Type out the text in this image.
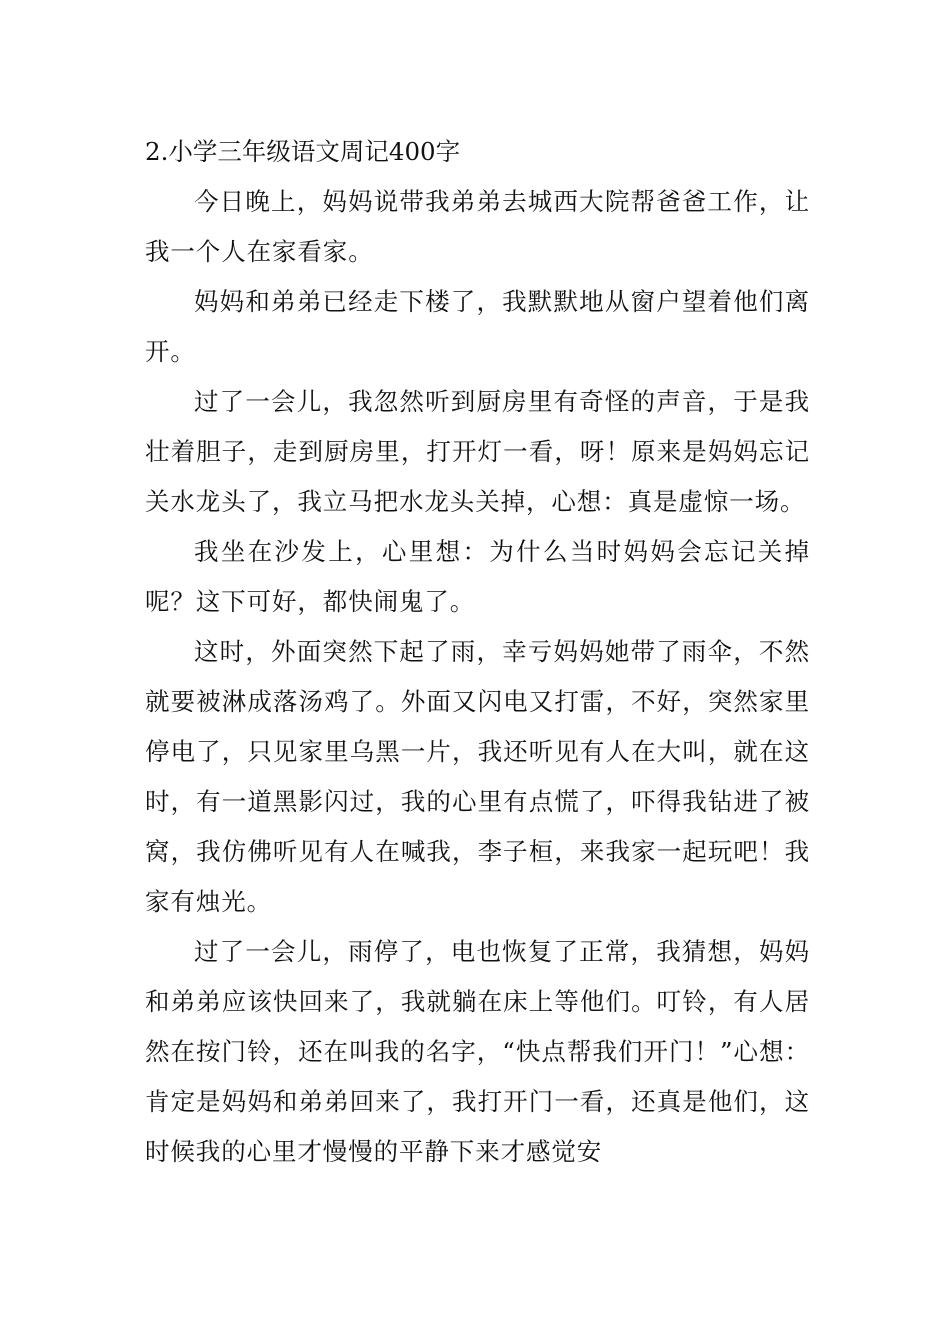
2.小学三年级语文周记400字

今日晚上，妈妈说带我弟弟去城西大院帮爸爸工作，让我一个人在家看家。

妈妈和弟弟已经走下楼了，我默默地从窗户望着他们离开。

过了一会儿，我忽然听到厨房里有奇怪的声音，于是我壮着胆子，走到厨房里，打开灯一看，呀！原来是妈妈忘记关水龙头了，我立马把水龙头关掉，心想：真是虚惊一场。

我坐在沙发上，心里想：为什么当时妈妈会忘记关掉呢？这下可好，都快闹鬼了。

这时，外面突然下起了雨，幸亏妈妈她带了雨伞，不然就要被淋成落汤鸡了。外面又闪电又打雷，不好，突然家里停电了，只见家里乌黑一片，我还听见有人在大叫，就在这时，有一道黑影闪过，我的心里有点慌了，吓得我钻进了被窝，我仿佛听见有人在喊我，李子桓，来我家一起玩吧！我家有烛光。

过了一会儿，雨停了，电也恢复了正常，我猜想，妈妈和弟弟应该快回来了，我就躺在床上等他们。叮铃，有人居然在按门铃，还在叫我的名字，“快点帮我们开门！”心想：肯定是妈妈和弟弟回来了，我打开门一看，还真是他们，这时候我的心里才慢慢的平静下来才感觉安
